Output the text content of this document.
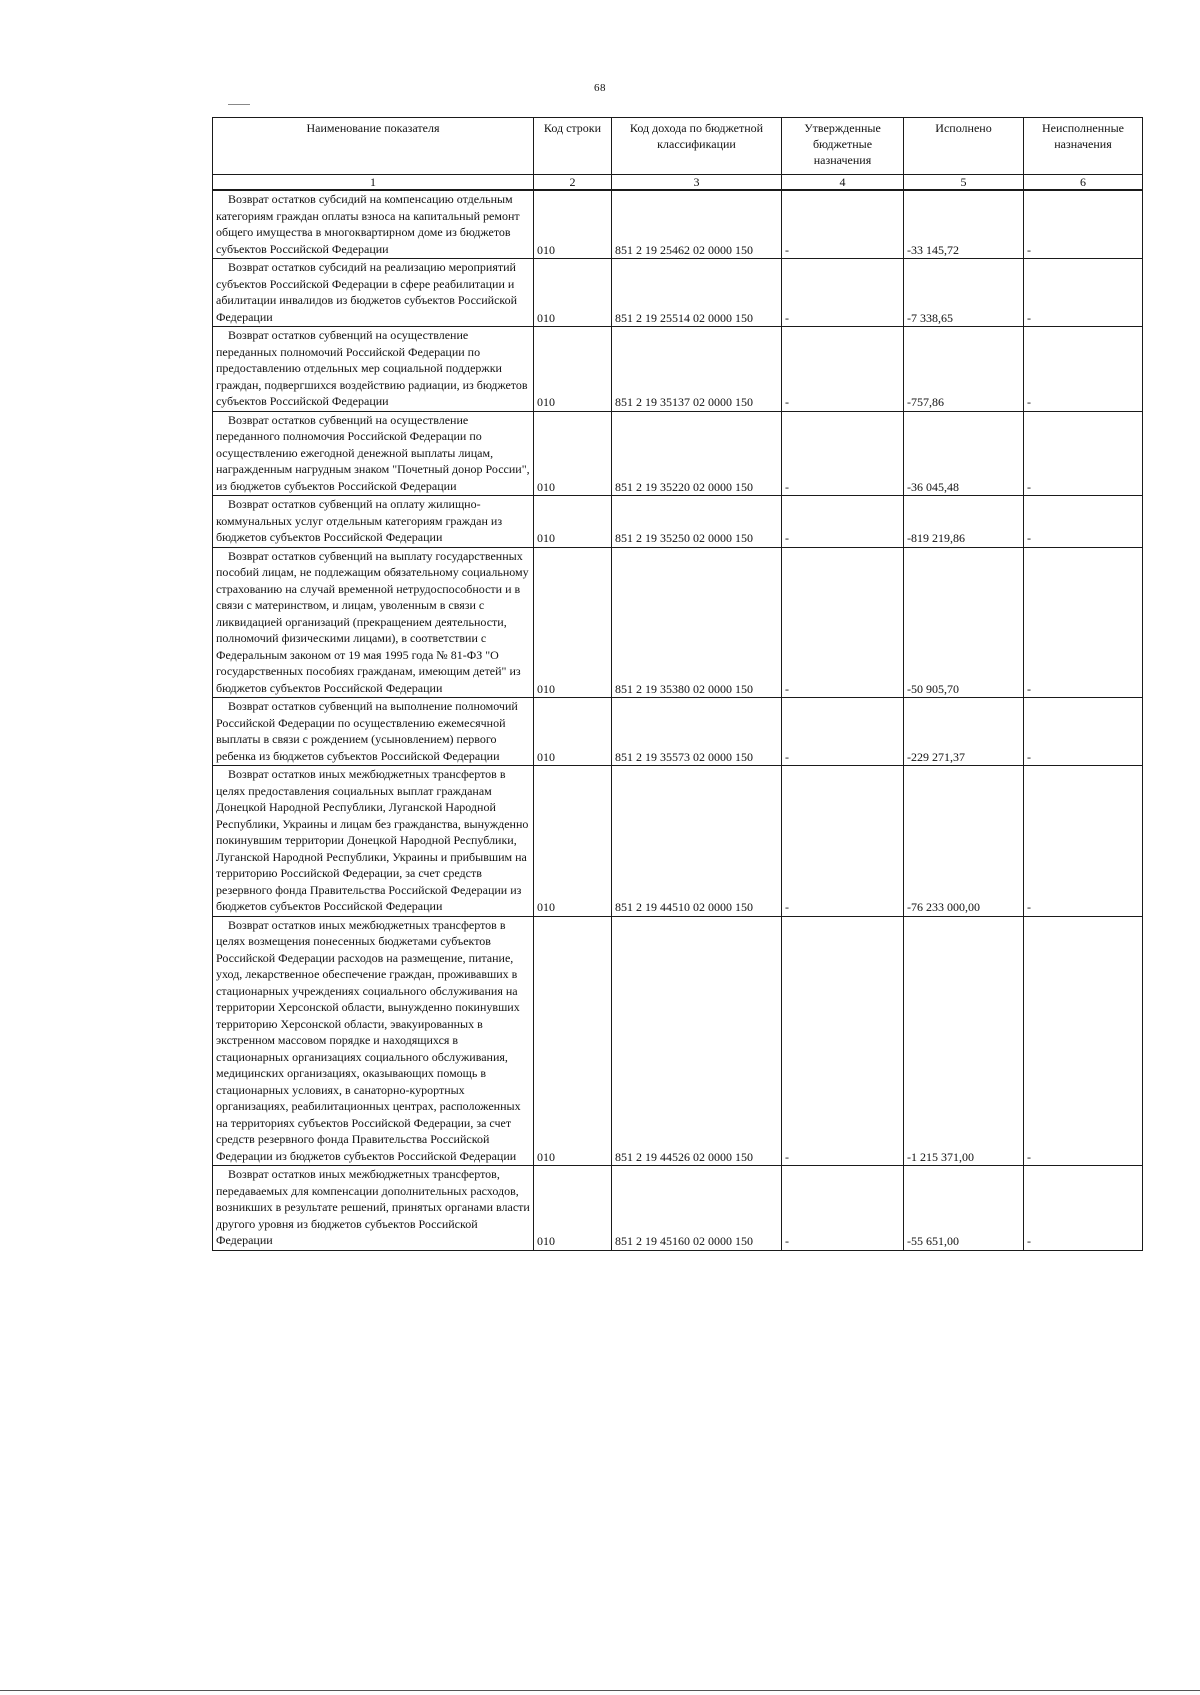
68
Наименование показателя	Код строки	Код дохода по бюджетной классификации	Утвержденные бюджетные назначения	Исполнено	Неисполненные назначения
1	2	3	4	5	6

Возврат остатков субсидий на компенсацию отдельным категориям граждан оплаты взноса на капитальный ремонт общего имущества в многоквартирном доме из бюджетов субъектов Российской Федерации	010	851 2 19 25462 02 0000 150	-	-33 145,72	-

Возврат остатков субсидий на реализацию мероприятий субъектов Российской Федерации в сфере реабилитации и абилитации инвалидов из бюджетов субъектов Российской Федерации	010	851 2 19 25514 02 0000 150	-	-7 338,65	-

Возврат остатков субвенций на осуществление переданных полномочий Российской Федерации по предоставлению отдельных мер социальной поддержки граждан, подвергшихся воздействию радиации, из бюджетов субъектов Российской Федерации	010	851 2 19 35137 02 0000 150	-	-757,86	-

Возврат остатков субвенций на осуществление переданного полномочия Российской Федерации по осуществлению ежегодной денежной выплаты лицам, награжденным нагрудным знаком "Почетный донор России", из бюджетов субъектов Российской Федерации	010	851 2 19 35220 02 0000 150	-	-36 045,48	-

Возврат остатков субвенций на оплату жилищно-коммунальных услуг отдельным категориям граждан из бюджетов субъектов Российской Федерации	010	851 2 19 35250 02 0000 150	-	-819 219,86	-

Возврат остатков субвенций на выплату государственных пособий лицам, не подлежащим обязательному социальному страхованию на случай временной нетрудоспособности и в связи с материнством, и лицам, уволенным в связи с ликвидацией организаций (прекращением деятельности, полномочий физическими лицами), в соответствии с Федеральным законом от 19 мая 1995 года № 81-ФЗ "О государственных пособиях гражданам, имеющим детей" из бюджетов субъектов Российской Федерации	010	851 2 19 35380 02 0000 150	-	-50 905,70	-

Возврат остатков субвенций на выполнение полномочий Российской Федерации по осуществлению ежемесячной выплаты в связи с рождением (усыновлением) первого ребенка из бюджетов субъектов Российской Федерации	010	851 2 19 35573 02 0000 150	-	-229 271,37	-

Возврат остатков иных межбюджетных трансфертов в целях предоставления социальных выплат гражданам Донецкой Народной Республики, Луганской Народной Республики, Украины и лицам без гражданства, вынужденно покинувшим территории Донецкой Народной Республики, Луганской Народной Республики, Украины и прибывшим на территорию Российской Федерации, за счет средств резервного фонда Правительства Российской Федерации из бюджетов субъектов Российской Федерации	010	851 2 19 44510 02 0000 150	-	-76 233 000,00	-

Возврат остатков иных межбюджетных трансфертов в целях возмещения понесенных бюджетами субъектов Российской Федерации расходов на размещение, питание, уход, лекарственное обеспечение граждан, проживавших в стационарных учреждениях социального обслуживания на территории Херсонской области, вынужденно покинувших территорию Херсонской области, эвакуированных в экстренном массовом порядке и находящихся в стационарных организациях социального обслуживания, медицинских организациях, оказывающих помощь в стационарных условиях, в санаторно-курортных организациях, реабилитационных центрах, расположенных на территориях субъектов Российской Федерации, за счет средств резервного фонда Правительства Российской Федерации из бюджетов субъектов Российской Федерации	010	851 2 19 44526 02 0000 150	-	-1 215 371,00	-

Возврат остатков иных межбюджетных трансфертов, передаваемых для компенсации дополнительных расходов, возникших в результате решений, принятых органами власти другого уровня из бюджетов субъектов Российской Федерации	010	851 2 19 45160 02 0000 150	-	-55 651,00	-
